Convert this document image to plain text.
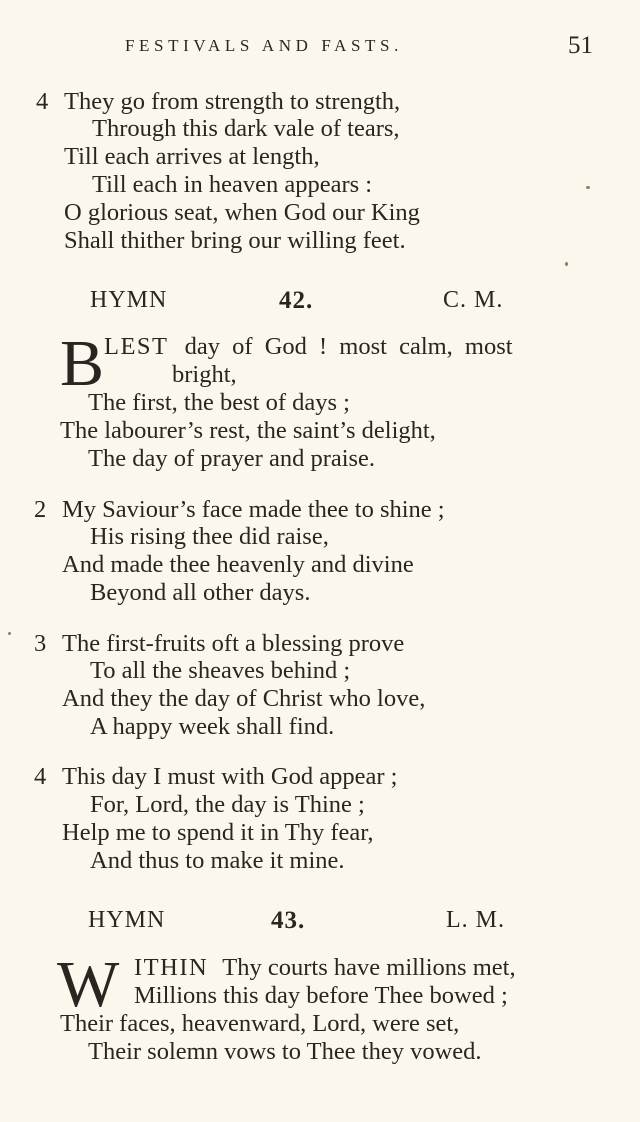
FESTIVALS AND FASTS.	51
4 They go from strength to strength,
Through this dark vale of tears,
Till each arrives at length,
Till each in heaven appears :
O glorious seat, when God our King
Shall thither bring our willing feet.
HYMN	42.	C. M.
B LEST day of God ! most calm, most
bright,
The first, the best of days ;
The labourer’s rest, the saint’s delight,
The day of prayer and praise.
2 My Saviour’s face made thee to shine ;
His rising thee did raise,
And made thee heavenly and divine
Beyond all other days.
3 The first-fruits oft a blessing prove
To all the sheaves behind ;
And they the day of Christ who love,
A happy week shall find.
4 This day I must with God appear ;
For, Lord, the day is Thine ;
Help me to spend it in Thy fear,
And thus to make it mine.
HYMN	43.	L. M.
W ITHIN Thy courts have millions met,
Millions this day before Thee bowed ;
Their faces, heavenward, Lord, were set,
Their solemn vows to Thee they vowed.
